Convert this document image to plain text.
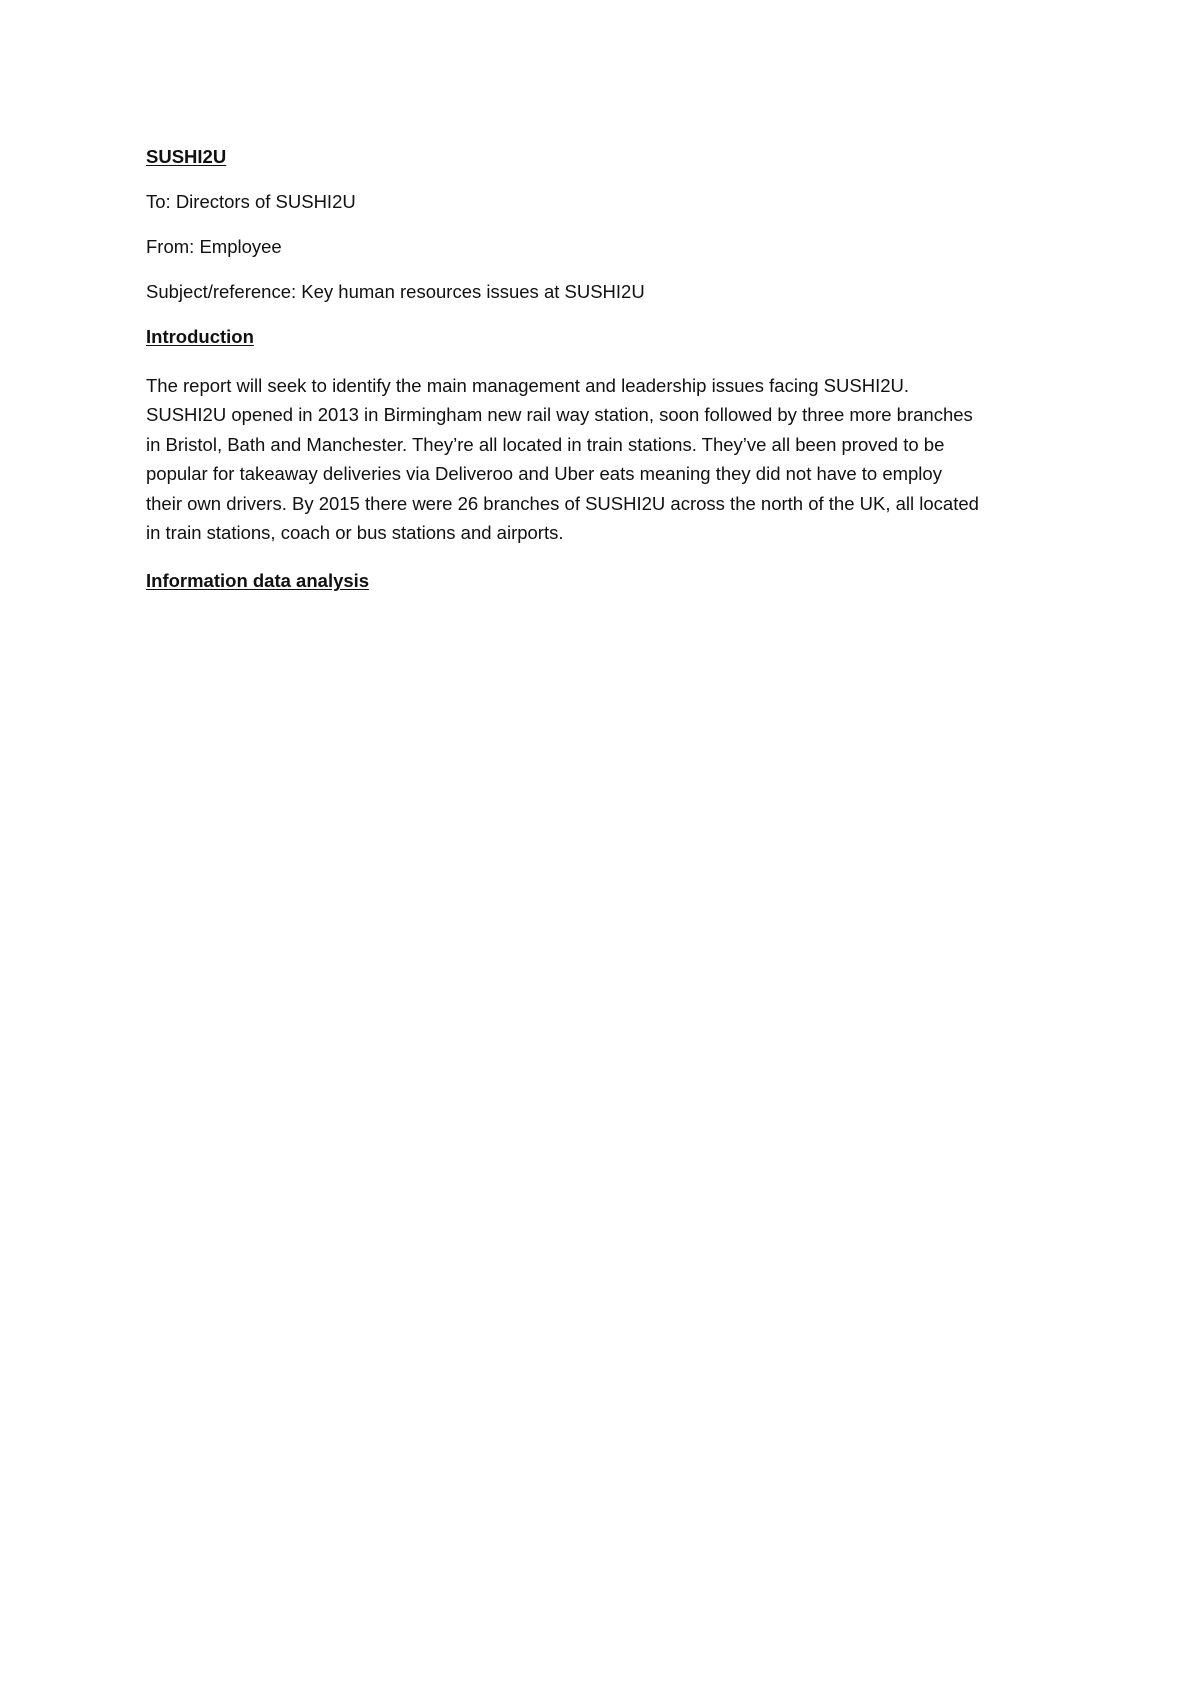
SUSHI2U
To: Directors of SUSHI2U
From: Employee
Subject/reference: Key human resources issues at SUSHI2U
Introduction
The report will seek to identify the main management and leadership issues facing SUSHI2U.
SUSHI2U opened in 2013 in Birmingham new rail way station, soon followed by three more branches
in Bristol, Bath and Manchester. They’re all located in train stations. They’ve all been proved to be
popular for takeaway deliveries via Deliveroo and Uber eats meaning they did not have to employ
their own drivers. By 2015 there were 26 branches of SUSHI2U across the north of the UK, all located
in train stations, coach or bus stations and airports.
Information data analysis
